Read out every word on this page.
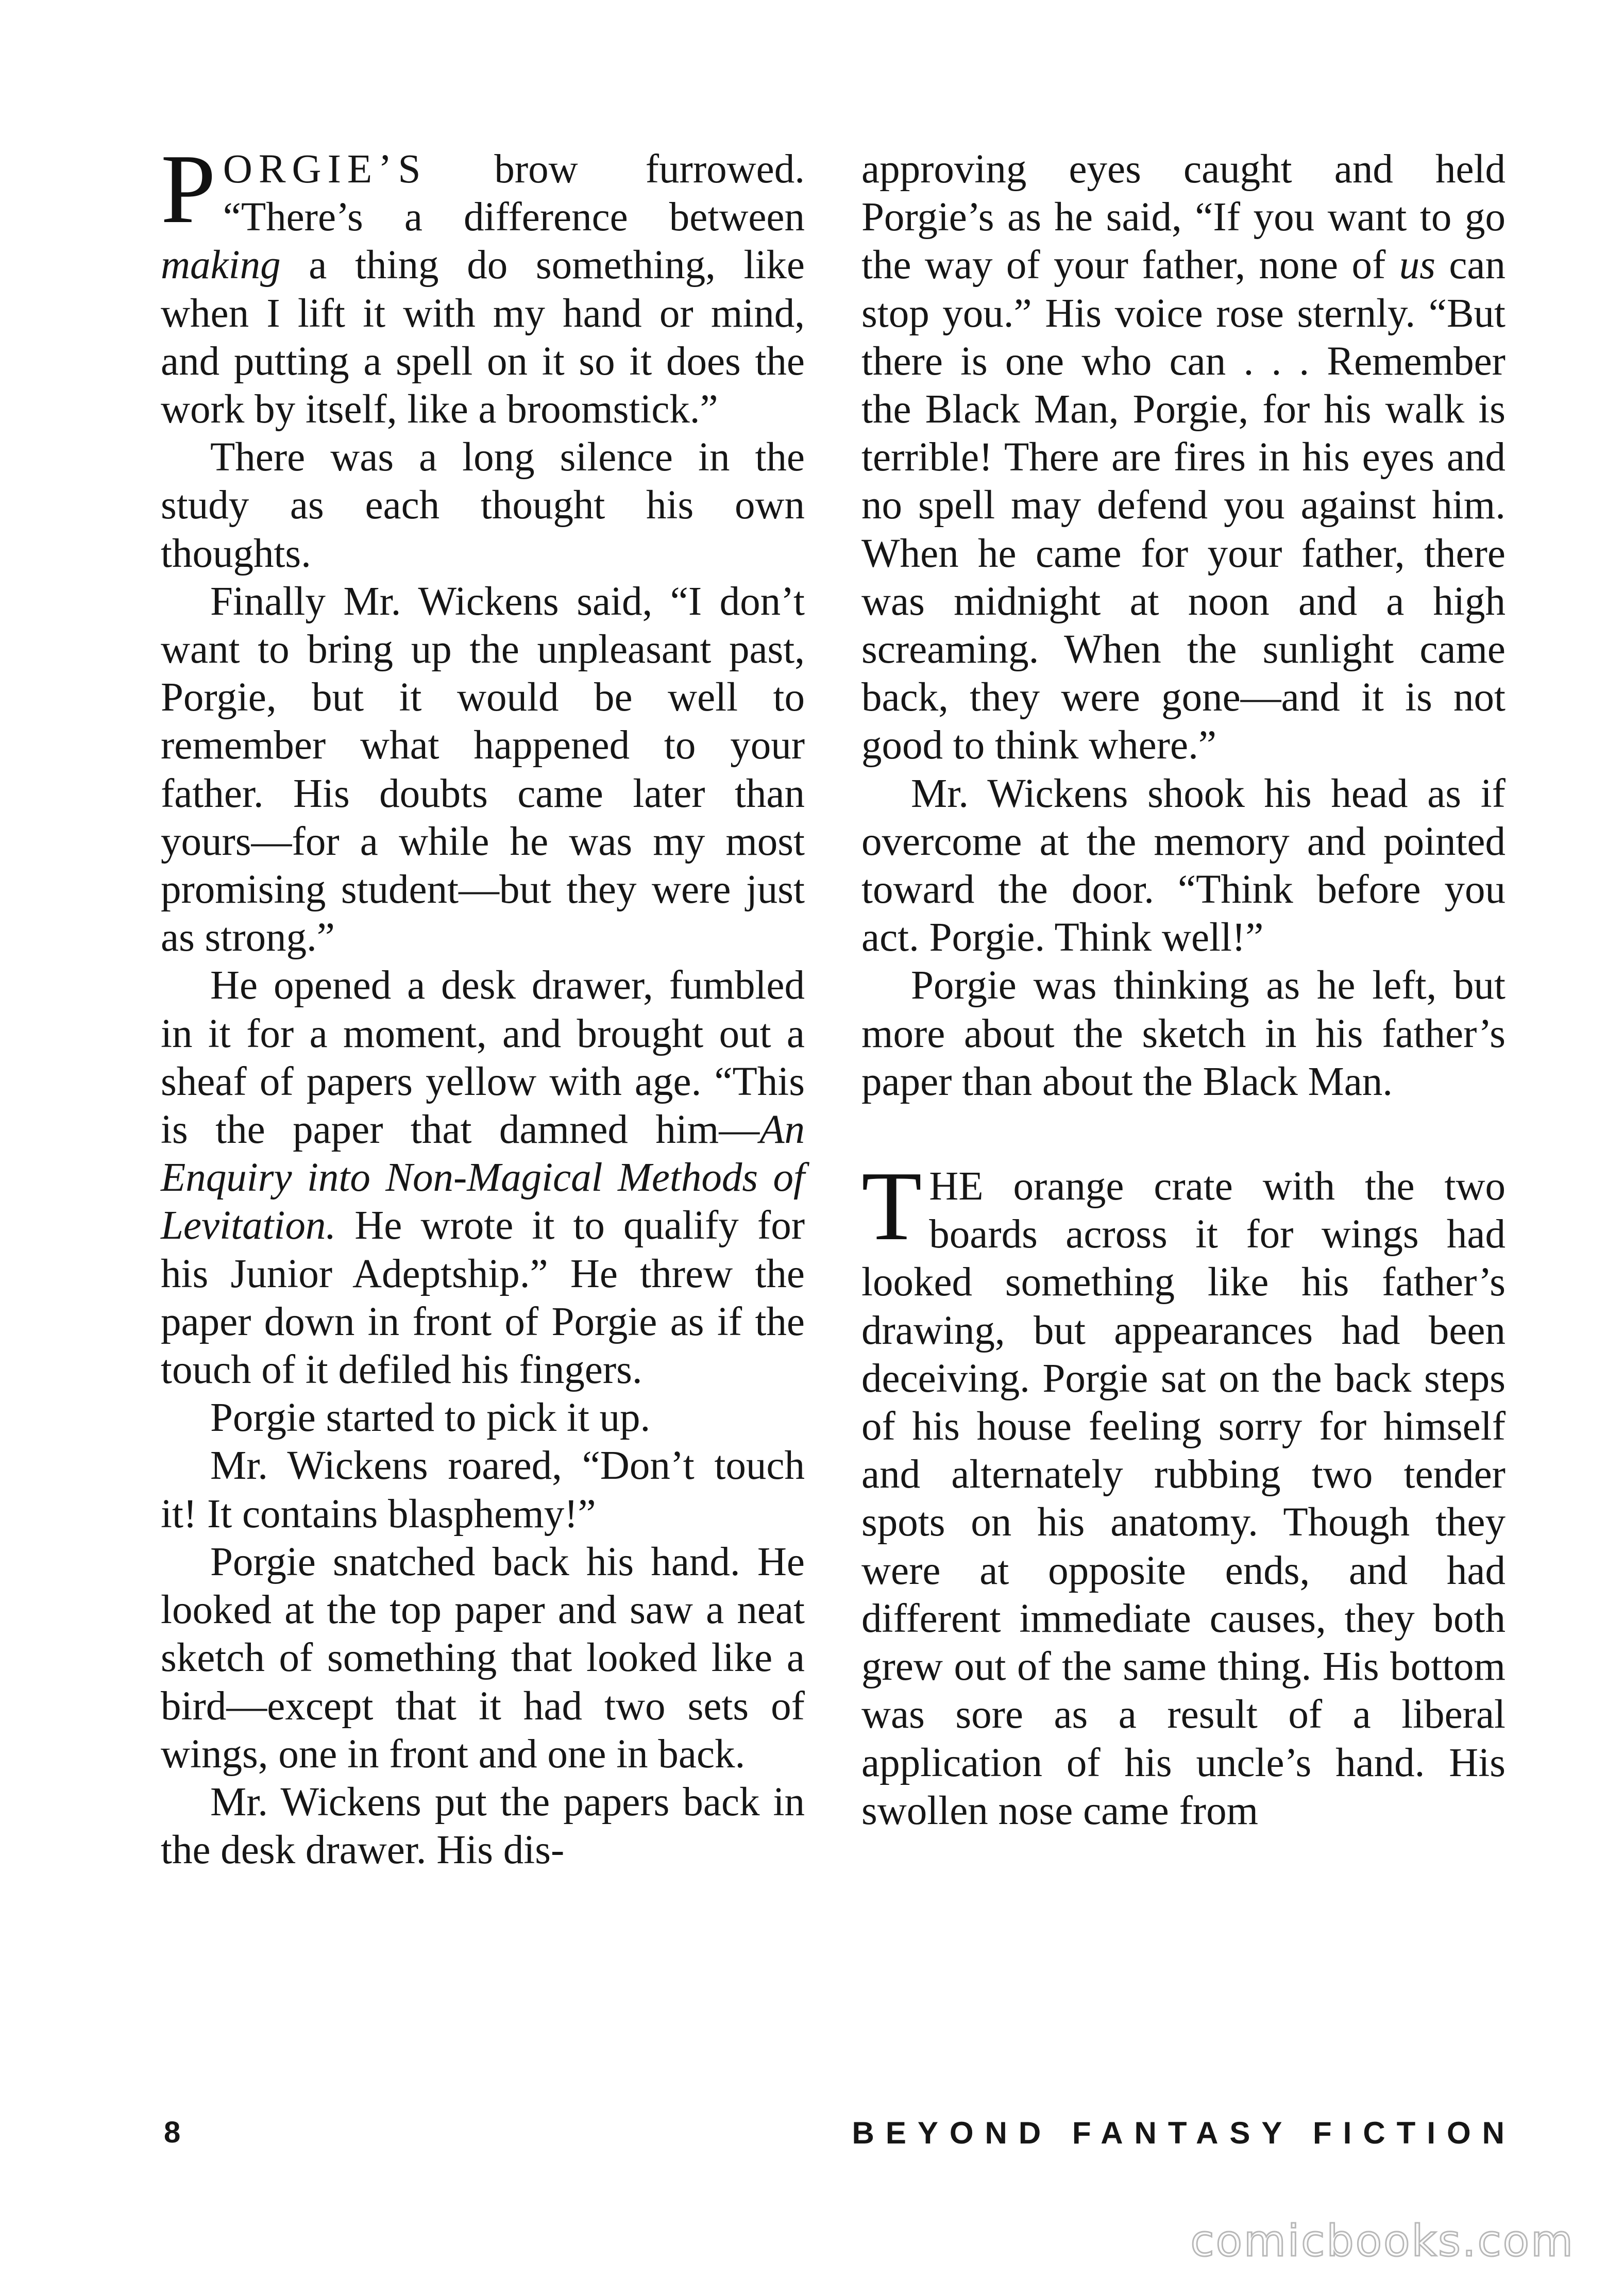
PORGIE’S brow furrowed. “There’s a difference between making a thing do something, like when I lift it with my hand or mind, and putting a spell on it so it does the work by itself, like a broomstick.”

There was a long silence in the study as each thought his own thoughts.

Finally Mr. Wickens said, “I don’t want to bring up the unpleasant past, Porgie, but it would be well to remember what happened to your father. His doubts came later than yours—for a while he was my most promising student—but they were just as strong.”

He opened a desk drawer, fumbled in it for a moment, and brought out a sheaf of papers yellow with age. “This is the paper that damned him—An Enquiry into Non-Magical Methods of Levitation. He wrote it to qualify for his Junior Adeptship.” He threw the paper down in front of Porgie as if the touch of it defiled his fingers.

Porgie started to pick it up.

Mr. Wickens roared, “Don’t touch it! It contains blasphemy!”

Porgie snatched back his hand. He looked at the top paper and saw a neat sketch of something that looked like a bird—except that it had two sets of wings, one in front and one in back.

Mr. Wickens put the papers back in the desk drawer. His dis-

approving eyes caught and held Porgie’s as he said, “If you want to go the way of your father, none of us can stop you.” His voice rose sternly. “But there is one who can . . . Remember the Black Man, Porgie, for his walk is terrible! There are fires in his eyes and no spell may defend you against him. When he came for your father, there was midnight at noon and a high screaming. When the sunlight came back, they were gone—and it is not good to think where.”

Mr. Wickens shook his head as if overcome at the memory and pointed toward the door. “Think before you act. Porgie. Think well!”

Porgie was thinking as he left, but more about the sketch in his father’s paper than about the Black Man.

THE orange crate with the two boards across it for wings had looked something like his father’s drawing, but appearances had been deceiving. Porgie sat on the back steps of his house feeling sorry for himself and alternately rubbing two tender spots on his anatomy. Though they were at opposite ends, and had different immediate causes, they both grew out of the same thing. His bottom was sore as a result of a liberal application of his uncle’s hand. His swollen nose came from

8	BEYOND FANTASY FICTION
comicbooks.com
